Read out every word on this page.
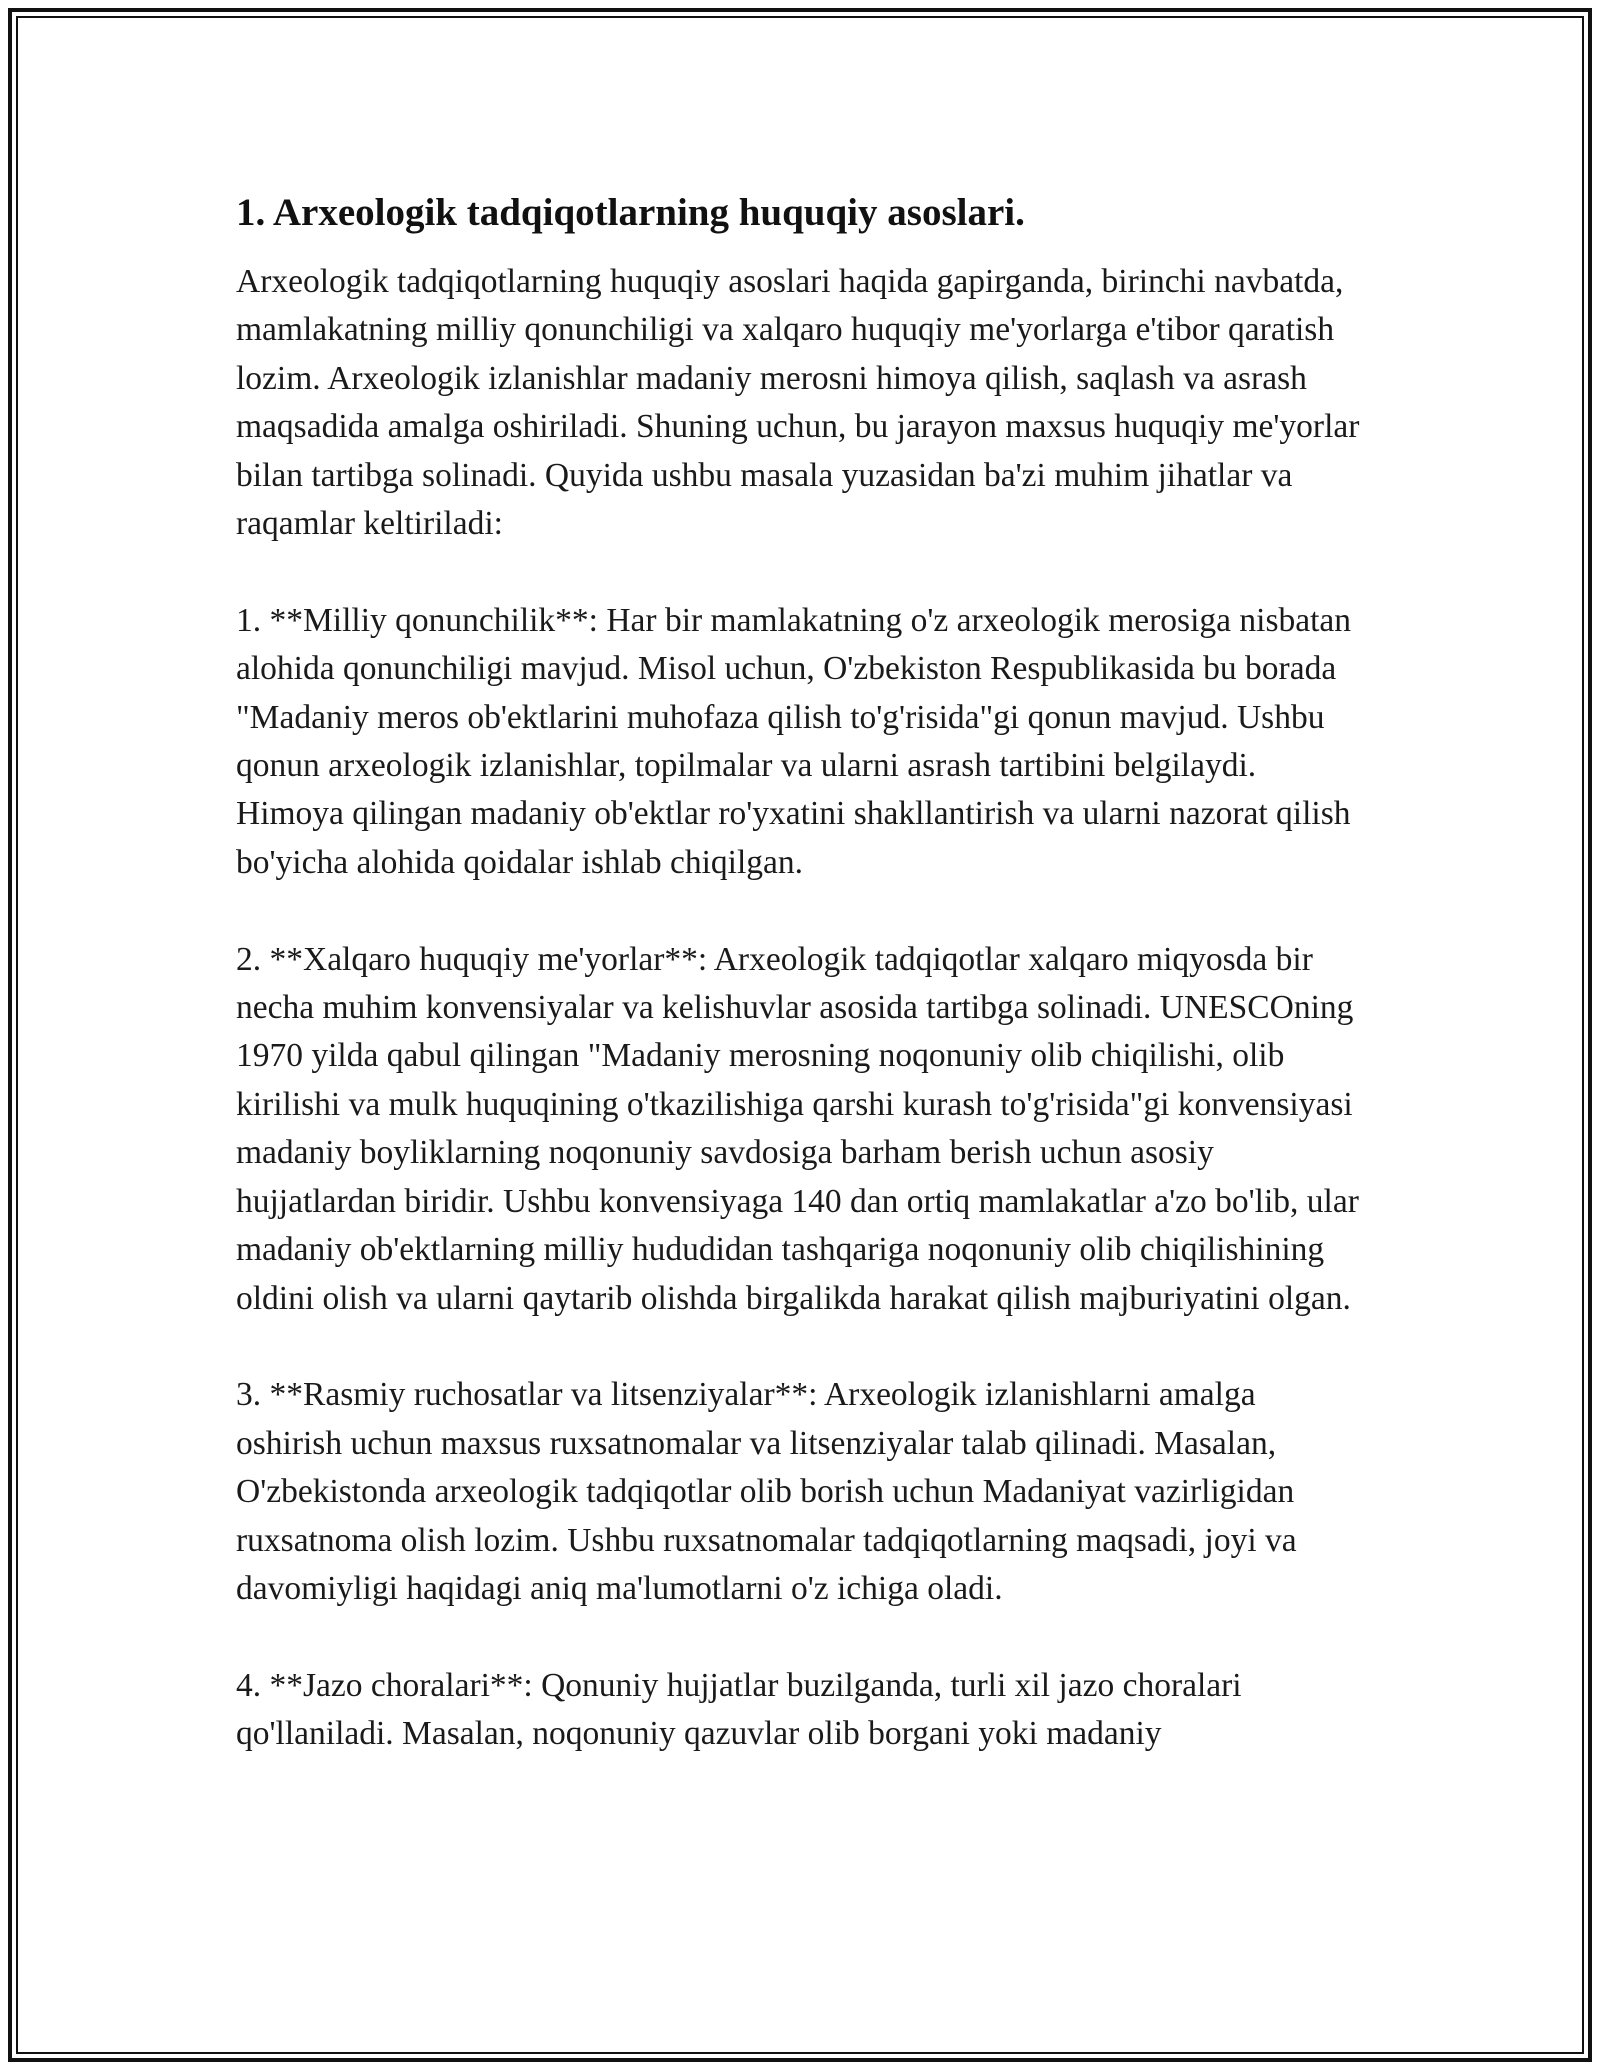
1. Arxeologik tadqiqotlarning huquqiy asoslari.

Arxeologik tadqiqotlarning huquqiy asoslari haqida gapirganda, birinchi navbatda, mamlakatning milliy qonunchiligi va xalqaro huquqiy me'yorlarga e'tibor qaratish lozim. Arxeologik izlanishlar madaniy merosni himoya qilish, saqlash va asrash maqsadida amalga oshiriladi. Shuning uchun, bu jarayon maxsus huquqiy me'yorlar bilan tartibga solinadi. Quyida ushbu masala yuzasidan ba'zi muhim jihatlar va raqamlar keltiriladi:

1. **Milliy qonunchilik**: Har bir mamlakatning o'z arxeologik merosiga nisbatan alohida qonunchiligi mavjud. Misol uchun, O'zbekiston Respublikasida bu borada "Madaniy meros ob'ektlarini muhofaza qilish to'g'risida"gi qonun mavjud. Ushbu qonun arxeologik izlanishlar, topilmalar va ularni asrash tartibini belgilaydi. Himoya qilingan madaniy ob'ektlar ro'yxatini shakllantirish va ularni nazorat qilish bo'yicha alohida qoidalar ishlab chiqilgan.

2. **Xalqaro huquqiy me'yorlar**: Arxeologik tadqiqotlar xalqaro miqyosda bir necha muhim konvensiyalar va kelishuvlar asosida tartibga solinadi. UNESCOning 1970 yilda qabul qilingan "Madaniy merosning noqonuniy olib chiqilishi, olib kirilishi va mulk huquqining o'tkazilishiga qarshi kurash to'g'risida"gi konvensiyasi madaniy boyliklarning noqonuniy savdosiga barham berish uchun asosiy hujjatlardan biridir. Ushbu konvensiyaga 140 dan ortiq mamlakatlar a'zo bo'lib, ular madaniy ob'ektlarning milliy hududidan tashqariga noqonuniy olib chiqilishining oldini olish va ularni qaytarib olishda birgalikda harakat qilish majburiyatini olgan.

3. **Rasmiy ruchosatlar va litsenziyalar**: Arxeologik izlanishlarni amalga oshirish uchun maxsus ruxsatnomalar va litsenziyalar talab qilinadi. Masalan, O'zbekistonda arxeologik tadqiqotlar olib borish uchun Madaniyat vazirligidan ruxsatnoma olish lozim. Ushbu ruxsatnomalar tadqiqotlarning maqsadi, joyi va davomiyligi haqidagi aniq ma'lumotlarni o'z ichiga oladi.

4. **Jazo choralari**: Qonuniy hujjatlar buzilganda, turli xil jazo choralari qo'llaniladi. Masalan, noqonuniy qazuvlar olib borgani yoki madaniy
